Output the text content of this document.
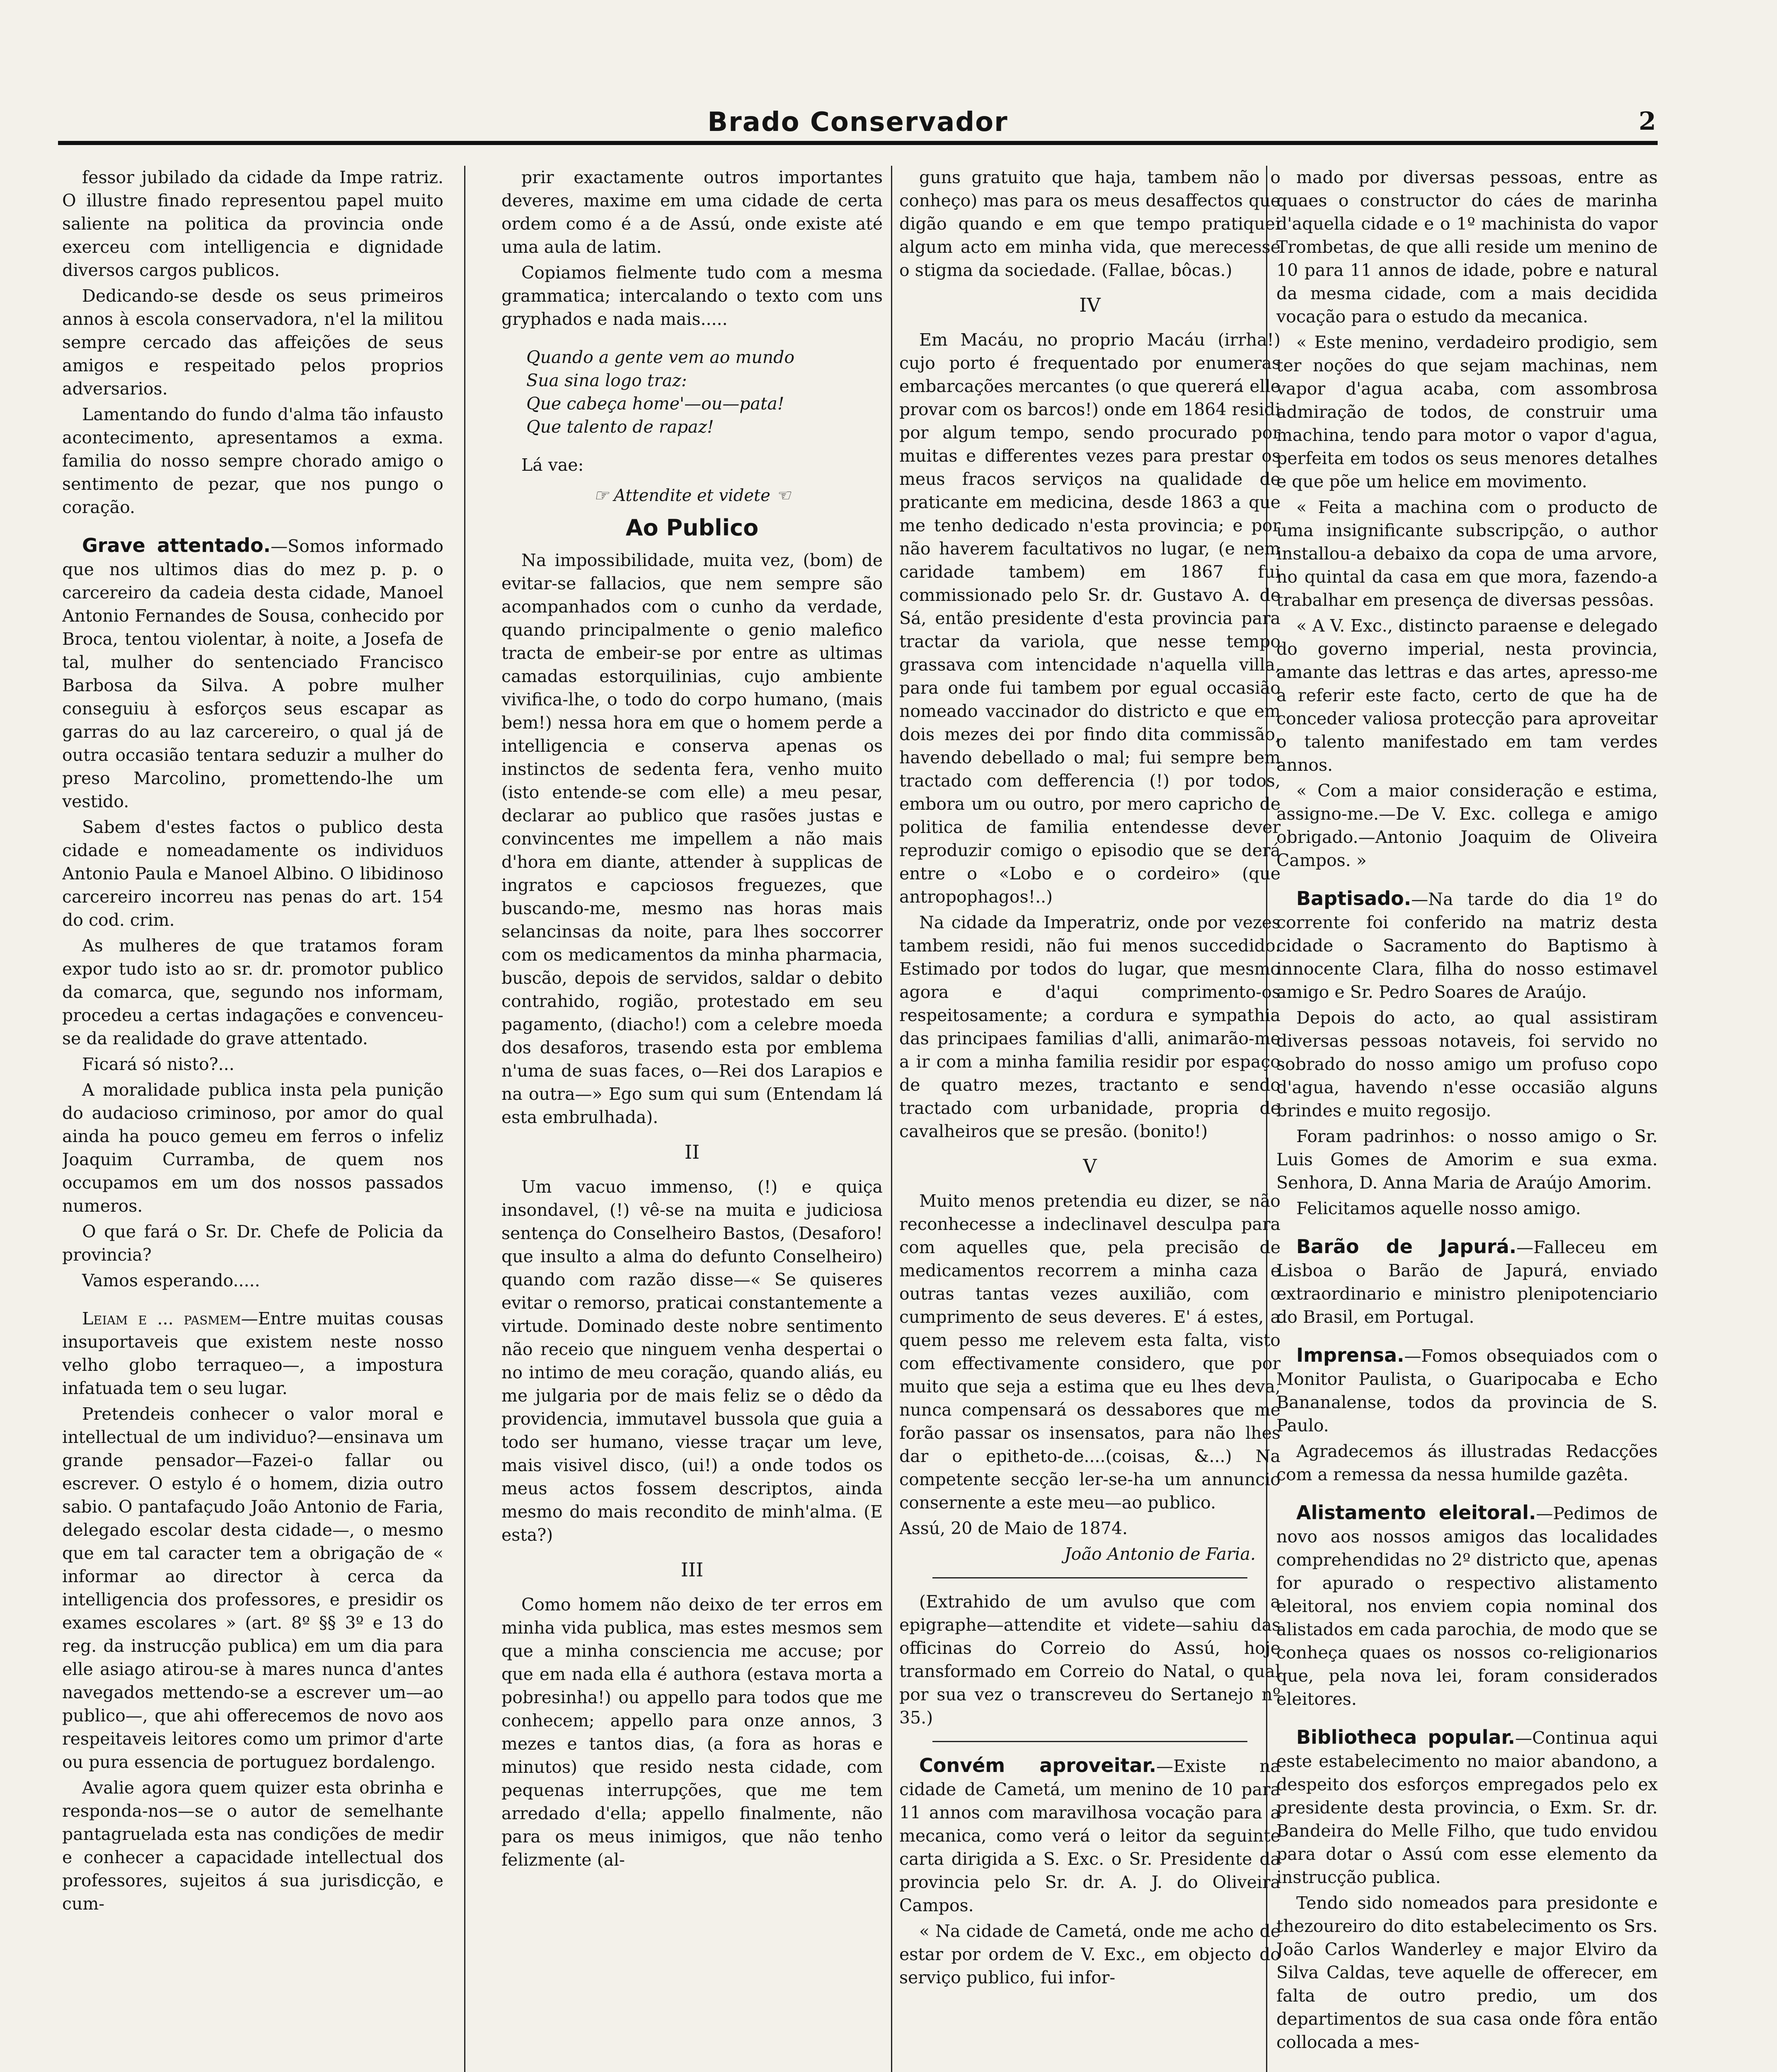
Brado Conservador	2

fessor jubilado da cidade da Impe ratriz. O illustre finado representou papel muito saliente na politica da provincia onde exerceu com intelligencia e dignidade diversos cargos publicos.

Dedicando-se desde os seus primeiros annos à escola conservadora, n'el la militou sempre cercado das affeições de seus amigos e respeitado pelos proprios adversarios.

Lamentando do fundo d'alma tão infausto acontecimento, apresentamos a exma. familia do nosso sempre chorado amigo o sentimento de pezar, que nos pungo o coração.

Grave attentado.—Somos informado que nos ultimos dias do mez p. p. o carcereiro da cadeia desta cidade, Manoel Antonio Fernandes de Sousa, conhecido por Broca, tentou violentar, à noite, a Josefa de tal, mulher do sentenciado Francisco Barbosa da Silva. A pobre mulher conseguiu à esforços seus escapar as garras do au laz carcereiro, o qual já de outra occasião tentara seduzir a mulher do preso Marcolino, promettendo-lhe um vestido.

Sabem d'estes factos o publico desta cidade e nomeadamente os individuos Antonio Paula e Manoel Albino. O libidinoso carcereiro incorreu nas penas do art. 154 do cod. crim.

As mulheres de que tratamos foram expor tudo isto ao sr. dr. promotor publico da comarca, que, segundo nos informam, procedeu a certas indagações e convenceu-se da realidade do grave attentado.

Ficará só nisto?...

A moralidade publica insta pela punição do audacioso criminoso, por amor do qual ainda ha pouco gemeu em ferros o infeliz Joaquim Curramba, de quem nos occupamos em um dos nossos passados numeros.

O que fará o Sr. Dr. Chefe de Policia da provincia?

Vamos esperando.....

Leiam e ... pasmem—Entre muitas cousas insuportaveis que existem neste nosso velho globo terraqueo—, a impostura infatuada tem o seu lugar.

Pretendeis conhecer o valor moral e intellectual de um individuo?—ensinava um grande pensador—Fazei-o fallar ou escrever. O estylo é o homem, dizia outro sabio. O pantafaçudo João Antonio de Faria, delegado escolar desta cidade—, o mesmo que em tal caracter tem a obrigação de « informar ao director à cerca da intelligencia dos professores, e presidir os exames escolares » (art. 8º §§ 3º e 13 do reg. da instrucção publica) em um dia para elle asiago atirou-se à mares nunca d'antes navegados mettendo-se a escrever um—ao publico—, que ahi offerecemos de novo aos respeitaveis leitores como um primor d'arte ou pura essencia de portuguez bordalengo.

Avalie agora quem quizer esta obrinha e responda-nos—se o autor de semelhante pantagruelada esta nas condições de medir e conhecer a capacidade intellectual dos professores, sujeitos á sua jurisdicção, e cum-

prir exactamente outros importantes deveres, maxime em uma cidade de certa ordem como é a de Assú, onde existe até uma aula de latim.

Copiamos fielmente tudo com a mesma grammatica; intercalando o texto com uns gryphados e nada mais.....

Quando a gente vem ao mundo

Sua sina logo traz:

Que cabeça home'—ou—pata!

Que talento de rapaz!

Lá vae:

☞ Attendite et videte ☜

Ao Publico

Na impossibilidade, muita vez, (bom) de evitar-se fallacios, que nem sempre são acompanhados com o cunho da verdade, quando principalmente o genio malefico tracta de embeir-se por entre as ultimas camadas estorquilinias, cujo ambiente vivifica-lhe, o todo do corpo humano, (mais bem!) nessa hora em que o homem perde a intelligencia e conserva apenas os instinctos de sedenta fera, venho muito (isto entende-se com elle) a meu pesar, declarar ao publico que rasões justas e convincentes me impellem a não mais d'hora em diante, attender à supplicas de ingratos e capciosos freguezes, que buscando-me, mesmo nas horas mais selancinsas da noite, para lhes soccorrer com os medicamentos da minha pharmacia, buscão, depois de servidos, saldar o debito contrahido, rogião, protestado em seu pagamento, (diacho!) com a celebre moeda dos desaforos, trasendo esta por emblema n'uma de suas faces, o—Rei dos Larapios e na outra—» Ego sum qui sum (Entendam lá esta embrulhada).

II

Um vacuo immenso, (!) e quiça insondavel, (!) vê-se na muita e judiciosa sentença do Conselheiro Bastos, (Desaforo! que insulto a alma do defunto Conselheiro) quando com razão disse—« Se quiseres evitar o remorso, praticai constantemente a virtude. Dominado deste nobre sentimento não receio que ninguem venha despertai o no intimo de meu coração, quando aliás, eu me julgaria por de mais feliz se o dêdo da providencia, immutavel bussola que guia a todo ser humano, viesse traçar um leve, mais visivel disco, (ui!) a onde todos os meus actos fossem descriptos, ainda mesmo do mais recondito de minh'alma. (E esta?)

III

Como homem não deixo de ter erros em minha vida publica, mas estes mesmos sem que a minha consciencia me accuse; por que em nada ella é authora (estava morta a pobresinha!) ou appello para todos que me conhecem; appello para onze annos, 3 mezes e tantos dias, (a fora as horas e minutos) que resido nesta cidade, com pequenas interrupções, que me tem arredado d'ella; appello finalmente, não para os meus inimigos, que não tenho felizmente (al-

guns gratuito que haja, tambem não o conheço) mas para os meus desaffectos que digão quando e em que tempo pratiquei algum acto em minha vida, que merecesse o stigma da sociedade. (Fallae, bôcas.)

IV

Em Macáu, no proprio Macáu (irrha!) cujo porto é frequentado por enumeras embarcações mercantes (o que quererá elle provar com os barcos!) onde em 1864 residi por algum tempo, sendo procurado por muitas e differentes vezes para prestar os meus fracos serviços na qualidade de praticante em medicina, desde 1863 a que me tenho dedicado n'esta provincia; e por não haverem facultativos no lugar, (e nem caridade tambem) em 1867 fui commissionado pelo Sr. dr. Gustavo A. de Sá, então presidente d'esta provincia para tractar da variola, que nesse tempo grassava com intencidade n'aquella villa, para onde fui tambem por egual occasião nomeado vaccinador do districto e que em dois mezes dei por findo dita commissão, havendo debellado o mal; fui sempre bem tractado com defferencia (!) por todos, embora um ou outro, por mero capricho de politica de familia entendesse dever reproduzir comigo o episodio que se derá entre o «Lobo e o cordeiro» (que antropophagos!..)

Na cidade da Imperatriz, onde por vezes tambem residi, não fui menos succedido. Estimado por todos do lugar, que mesmo agora e d'aqui comprimento-os respeitosamente; a cordura e sympathia das principaes familias d'alli, animarão-me a ir com a minha familia residir por espaço de quatro mezes, tractanto e sendo tractado com urbanidade, propria de cavalheiros que se presão. (bonito!)

V

Muito menos pretendia eu dizer, se não reconhecesse a indeclinavel desculpa para com aquelles que, pela precisão de medicamentos recorrem a minha caza e outras tantas vezes auxilião, com o cumprimento de seus deveres. E' á estes, a quem pesso me relevem esta falta, visto com effectivamente considero, que por muito que seja a estima que eu lhes deva, nunca compensará os dessabores que me forão passar os insensatos, para não lhes dar o epitheto-de....(coisas, &...) Na competente secção ler-se-ha um annuncio consernente a este meu—ao publico.

Assú, 20 de Maio de 1874.

João Antonio de Faria.

(Extrahido de um avulso que com a epigraphe—attendite et videte—sahiu das officinas do Correio do Assú, hoje transformado em Correio do Natal, o qual por sua vez o transcreveu do Sertanejo nº 35.)

Convém aproveitar.—Existe na cidade de Cametá, um menino de 10 para 11 annos com maravilhosa vocação para a mecanica, como verá o leitor da seguinte carta dirigida a S. Exc. o Sr. Presidente da provincia pelo Sr. dr. A. J. do Oliveira Campos.

« Na cidade de Cametá, onde me acho de estar por ordem de V. Exc., em objecto do serviço publico, fui infor-

mado por diversas pessoas, entre as quaes o constructor do cáes de marinha d'aquella cidade e o 1º machinista do vapor Trombetas, de que alli reside um menino de 10 para 11 annos de idade, pobre e natural da mesma cidade, com a mais decidida vocação para o estudo da mecanica.

« Este menino, verdadeiro prodigio, sem ter noções do que sejam machinas, nem vapor d'agua acaba, com assombrosa admiração de todos, de construir uma machina, tendo para motor o vapor d'agua, perfeita em todos os seus menores detalhes e que põe um helice em movimento.

« Feita a machina com o producto de uma insignificante subscripção, o author installou-a debaixo da copa de uma arvore, no quintal da casa em que mora, fazendo-a trabalhar em presença de diversas pessôas.

« A V. Exc., distincto paraense e delegado do governo imperial, nesta provincia, amante das lettras e das artes, apresso-me a referir este facto, certo de que ha de conceder valiosa protecção para aproveitar o talento manifestado em tam verdes annos.

« Com a maior consideração e estima, assigno-me.—De V. Exc. collega e amigo obrigado.—Antonio Joaquim de Oliveira Campos. »

Baptisado.—Na tarde do dia 1º do corrente foi conferido na matriz desta cidade o Sacramento do Baptismo à innocente Clara, filha do nosso estimavel amigo e Sr. Pedro Soares de Araújo.

Depois do acto, ao qual assistiram diversas pessoas notaveis, foi servido no sobrado do nosso amigo um profuso copo d'agua, havendo n'esse occasião alguns brindes e muito regosijo.

Foram padrinhos: o nosso amigo o Sr. Luis Gomes de Amorim e sua exma. Senhora, D. Anna Maria de Araújo Amorim.

Felicitamos aquelle nosso amigo.

Barão de Japurá.—Falleceu em Lisboa o Barão de Japurá, enviado extraordinario e ministro plenipotenciario do Brasil, em Portugal.

Imprensa.—Fomos obsequiados com o Monitor Paulista, o Guaripocaba e Echo Bananalense, todos da provincia de S. Paulo.

Agradecemos ás illustradas Redacções com a remessa da nessa humilde gazêta.

Alistamento eleitoral.—Pedimos de novo aos nossos amigos das localidades comprehendidas no 2º districto que, apenas for apurado o respectivo alistamento eleitoral, nos enviem copia nominal dos alistados em cada parochia, de modo que se conheça quaes os nossos co-religionarios que, pela nova lei, foram considerados eleitores.

Bibliotheca popular.—Continua aqui este estabelecimento no maior abandono, a despeito dos esforços empregados pelo ex presidente desta provincia, o Exm. Sr. dr. Bandeira do Melle Filho, que tudo envidou para dotar o Assú com esse elemento da instrucção publica.

Tendo sido nomeados para presidonte e thezoureiro do dito estabelecimento os Srs. João Carlos Wanderley e major Elviro da Silva Caldas, teve aquelle de offerecer, em falta de outro predio, um dos departimentos de sua casa onde fôra então collocada a mes-
